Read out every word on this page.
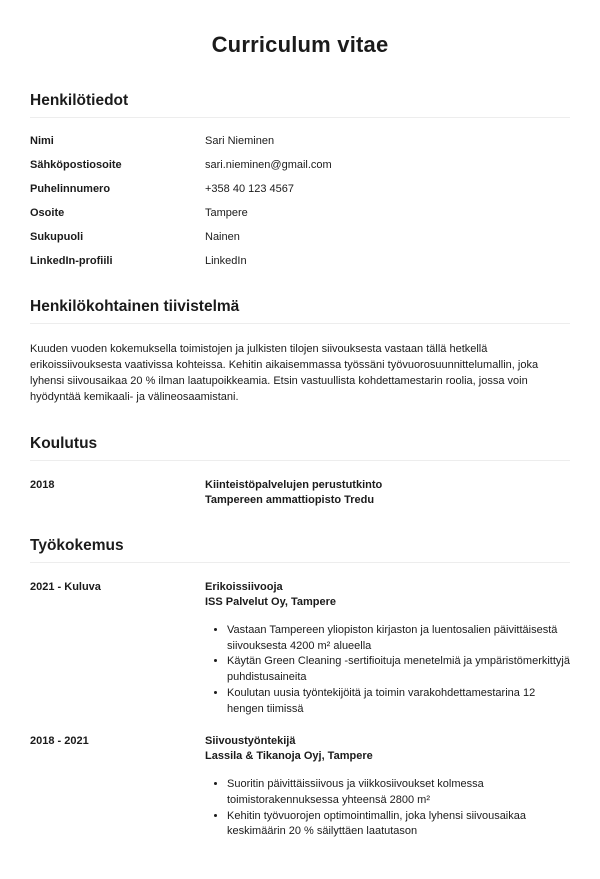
Curriculum vitae
Henkilötiedot
Nimi	Sari Nieminen
Sähköpostiosoite	sari.nieminen@gmail.com
Puhelinnumero	+358 40 123 4567
Osoite	Tampere
Sukupuoli	Nainen
LinkedIn-profiili	LinkedIn
Henkilökohtainen tiivistelmä

Kuuden vuoden kokemuksella toimistojen ja julkisten tilojen siivouksesta vastaan tällä hetkellä erikoissiivouksesta vaativissa kohteissa. Kehitin aikaisemmassa työssäni työvuorosuunnittelumallin, joka lyhensi siivousaikaa 20 % ilman laatupoikkeamia. Etsin vastuullista kohdettamestarin roolia, jossa voin hyödyntää kemikaali- ja välineosaamistani.

Koulutus
2018	Kiinteistöpalvelujen perustutkinto
Tampereen ammattiopisto Tredu
Työkokemus
2021 - Kuluva	Erikoissiivooja
ISS Palvelut Oy, Tampere
• Vastaan Tampereen yliopiston kirjaston ja luentosalien päivittäisestä siivouksesta 4200 m² alueella
• Käytän Green Cleaning -sertifioituja menetelmiä ja ympäristömerkittyjä puhdistusaineita
• Koulutan uusia työntekijöitä ja toimin varakohdettamestarina 12 hengen tiimissä
2018 - 2021	Siivoustyöntekijä
Lassila & Tikanoja Oyj, Tampere
• Suoritin päivittäissiivous ja viikkosiivoukset kolmessa toimistorakennuksessa yhteensä 2800 m²
• Kehitin työvuorojen optimointimallin, joka lyhensi siivousaikaa keskimäärin 20 % säilyttäen laatutason
